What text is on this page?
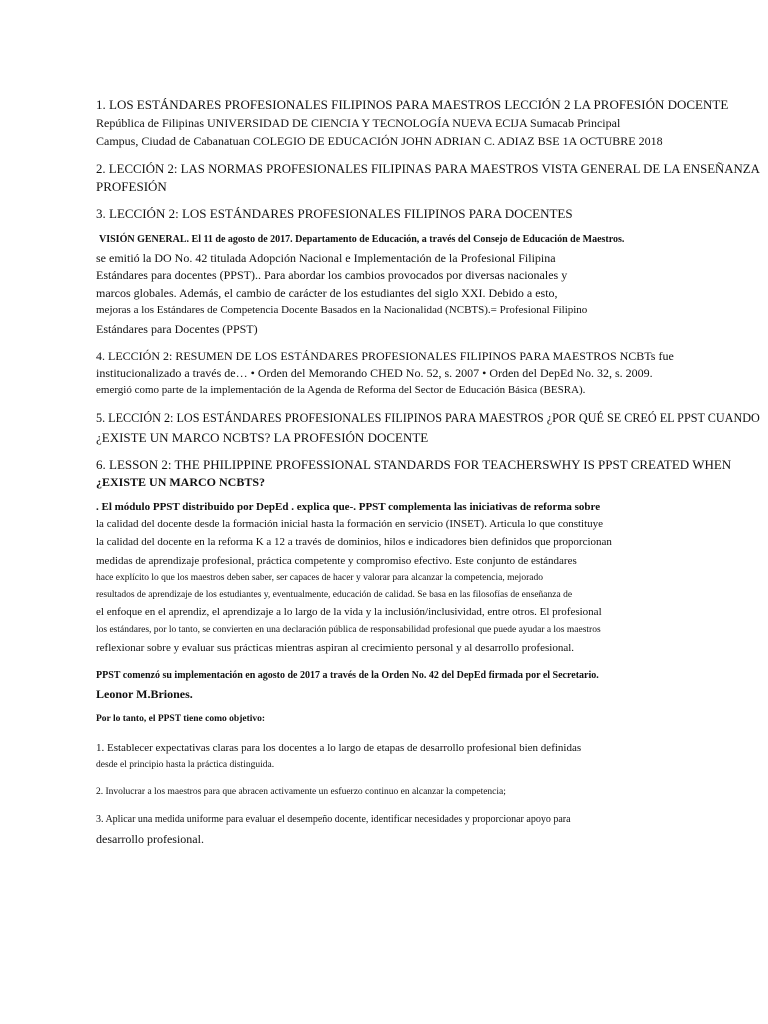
1. LOS ESTÁNDARES PROFESIONALES FILIPINOS PARA MAESTROS LECCIÓN 2 LA PROFESIÓN DOCENTE
República de Filipinas UNIVERSIDAD DE CIENCIA Y TECNOLOGÍA NUEVA ECIJA Sumacab Principal
Campus, Ciudad de Cabanatuan COLEGIO DE EDUCACIÓN JOHN ADRIAN C. ADIAZ BSE 1A OCTUBRE 2018
2. LECCIÓN 2: LAS NORMAS PROFESIONALES FILIPINAS PARA MAESTROS VISTA GENERAL DE LA ENSEÑANZA
PROFESIÓN
3. LECCIÓN 2: LOS ESTÁNDARES PROFESIONALES FILIPINOS PARA DOCENTES
VISIÓN GENERAL. El 11 de agosto de 2017. Departamento de Educación, a través del Consejo de Educación de Maestros.
se emitió la DO No. 42 titulada Adopción Nacional e Implementación de la Profesional Filipina
Estándares para docentes (PPST).. Para abordar los cambios provocados por diversas nacionales y
marcos globales. Además, el cambio de carácter de los estudiantes del siglo XXI. Debido a esto,
mejoras a los Estándares de Competencia Docente Basados en la Nacionalidad (NCBTS).= Profesional Filipino
Estándares para Docentes (PPST)
4. LECCIÓN 2: RESUMEN DE LOS ESTÁNDARES PROFESIONALES FILIPINOS PARA MAESTROS NCBTs fue
institucionalizado a través de… • Orden del Memorando CHED No. 52, s. 2007 • Orden del DepEd No. 32, s. 2009.
emergió como parte de la implementación de la Agenda de Reforma del Sector de Educación Básica (BESRA).
5. LECCIÓN 2: LOS ESTÁNDARES PROFESIONALES FILIPINOS PARA MAESTROS ¿POR QUÉ SE CREÓ EL PPST CUANDO
¿EXISTE UN MARCO NCBTS? LA PROFESIÓN DOCENTE
6. LESSON 2: THE PHILIPPINE PROFESSIONAL STANDARDS FOR TEACHERSWHY IS PPST CREATED WHEN
¿EXISTE UN MARCO NCBTS?
. El módulo PPST distribuido por DepEd . explica que-. PPST complementa las iniciativas de reforma sobre
la calidad del docente desde la formación inicial hasta la formación en servicio (INSET). Articula lo que constituye
la calidad del docente en la reforma K a 12 a través de dominios, hilos e indicadores bien definidos que proporcionan
medidas de aprendizaje profesional, práctica competente y compromiso efectivo. Este conjunto de estándares
hace explícito lo que los maestros deben saber, ser capaces de hacer y valorar para alcanzar la competencia, mejorado
resultados de aprendizaje de los estudiantes y, eventualmente, educación de calidad. Se basa en las filosofías de enseñanza de
el enfoque en el aprendiz, el aprendizaje a lo largo de la vida y la inclusión/inclusividad, entre otros. El profesional
los estándares, por lo tanto, se convierten en una declaración pública de responsabilidad profesional que puede ayudar a los maestros
reflexionar sobre y evaluar sus prácticas mientras aspiran al crecimiento personal y al desarrollo profesional.
PPST comenzó su implementación en agosto de 2017 a través de la Orden No. 42 del DepEd firmada por el Secretario.
Leonor M.Briones.
Por lo tanto, el PPST tiene como objetivo:
1. Establecer expectativas claras para los docentes a lo largo de etapas de desarrollo profesional bien definidas
desde el principio hasta la práctica distinguida.
2. Involucrar a los maestros para que abracen activamente un esfuerzo continuo en alcanzar la competencia;
3. Aplicar una medida uniforme para evaluar el desempeño docente, identificar necesidades y proporcionar apoyo para
desarrollo profesional.
